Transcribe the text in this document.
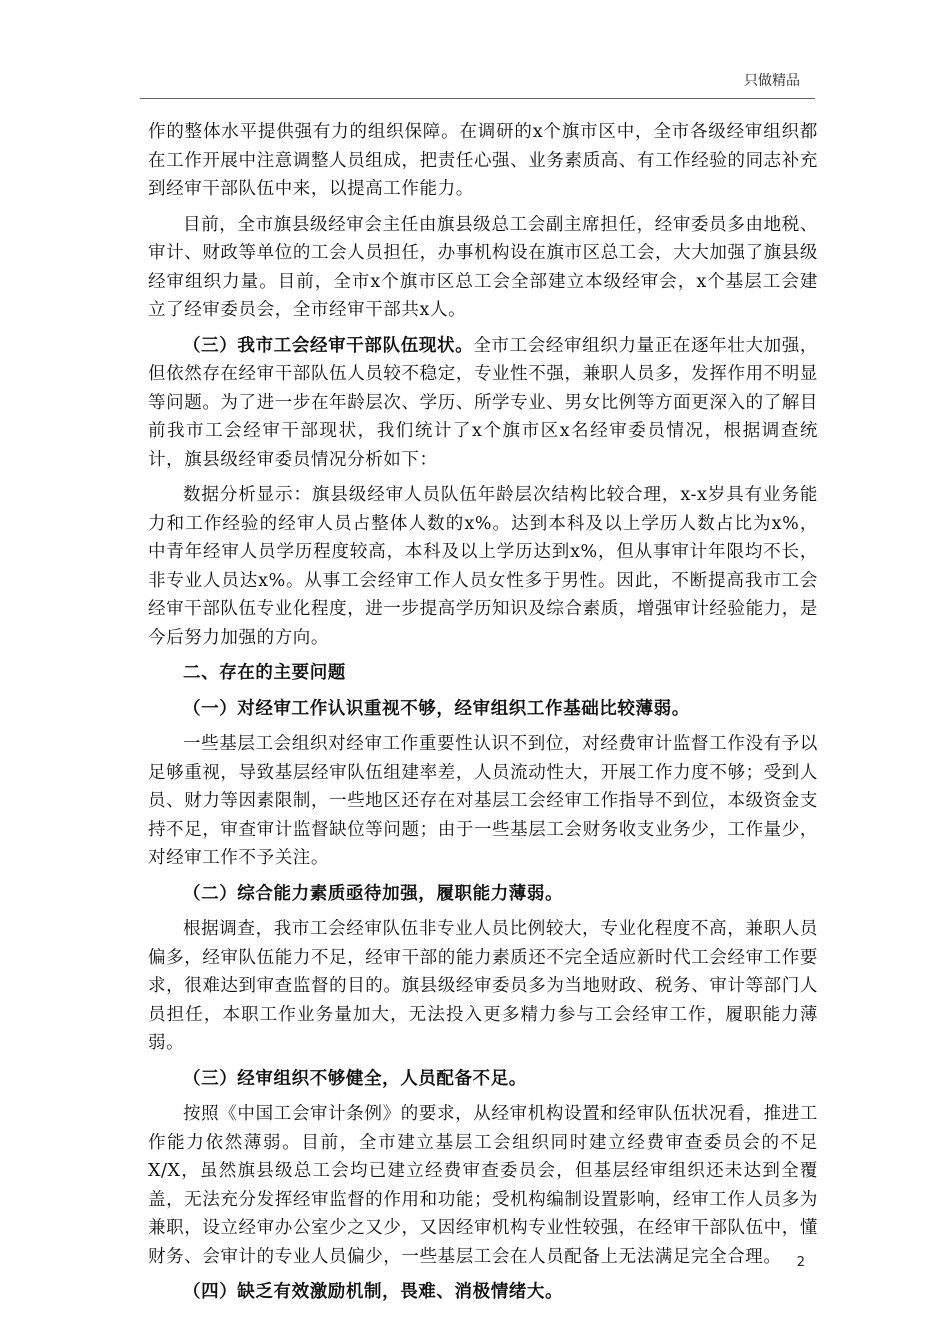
只做精品

作的整体水平提供强有力的组织保障。在调研的x个旗市区中，全市各级经审组织都在工作开展中注意调整人员组成，把责任心强、业务素质高、有工作经验的同志补充到经审干部队伍中来，以提高工作能力。

目前，全市旗县级经审会主任由旗县级总工会副主席担任，经审委员多由地税、审计、财政等单位的工会人员担任，办事机构设在旗市区总工会，大大加强了旗县级经审组织力量。目前，全市x个旗市区总工会全部建立本级经审会，x个基层工会建立了经审委员会，全市经审干部共x人。

（三）我市工会经审干部队伍现状。全市工会经审组织力量正在逐年壮大加强，但依然存在经审干部队伍人员较不稳定，专业性不强，兼职人员多，发挥作用不明显等问题。为了进一步在年龄层次、学历、所学专业、男女比例等方面更深入的了解目前我市工会经审干部现状，我们统计了x个旗市区x名经审委员情况，根据调查统计，旗县级经审委员情况分析如下：

数据分析显示：旗县级经审人员队伍年龄层次结构比较合理，x-x岁具有业务能力和工作经验的经审人员占整体人数的x%。达到本科及以上学历人数占比为x%，中青年经审人员学历程度较高，本科及以上学历达到x%，但从事审计年限均不长，非专业人员达x%。从事工会经审工作人员女性多于男性。因此，不断提高我市工会经审干部队伍专业化程度，进一步提高学历知识及综合素质，增强审计经验能力，是今后努力加强的方向。

二、存在的主要问题

（一）对经审工作认识重视不够，经审组织工作基础比较薄弱。

一些基层工会组织对经审工作重要性认识不到位，对经费审计监督工作没有予以足够重视，导致基层经审队伍组建率差，人员流动性大，开展工作力度不够；受到人员、财力等因素限制，一些地区还存在对基层工会经审工作指导不到位，本级资金支持不足，审查审计监督缺位等问题；由于一些基层工会财务收支业务少，工作量少，对经审工作不予关注。

（二）综合能力素质亟待加强，履职能力薄弱。

根据调查，我市工会经审队伍非专业人员比例较大，专业化程度不高，兼职人员偏多，经审队伍能力不足，经审干部的能力素质还不完全适应新时代工会经审工作要求，很难达到审查监督的目的。旗县级经审委员多为当地财政、税务、审计等部门人员担任，本职工作业务量加大，无法投入更多精力参与工会经审工作，履职能力薄弱。

（三）经审组织不够健全，人员配备不足。

按照《中国工会审计条例》的要求，从经审机构设置和经审队伍状况看，推进工作能力依然薄弱。目前，全市建立基层工会组织同时建立经费审查委员会的不足X/X，虽然旗县级总工会均已建立经费审查委员会，但基层经审组织还未达到全覆盖，无法充分发挥经审监督的作用和功能；受机构编制设置影响，经审工作人员多为兼职，设立经审办公室少之又少，又因经审机构专业性较强，在经审干部队伍中，懂财务、会审计的专业人员偏少，一些基层工会在人员配备上无法满足完全合理。

（四）缺乏有效激励机制，畏难、消极情绪大。

2
